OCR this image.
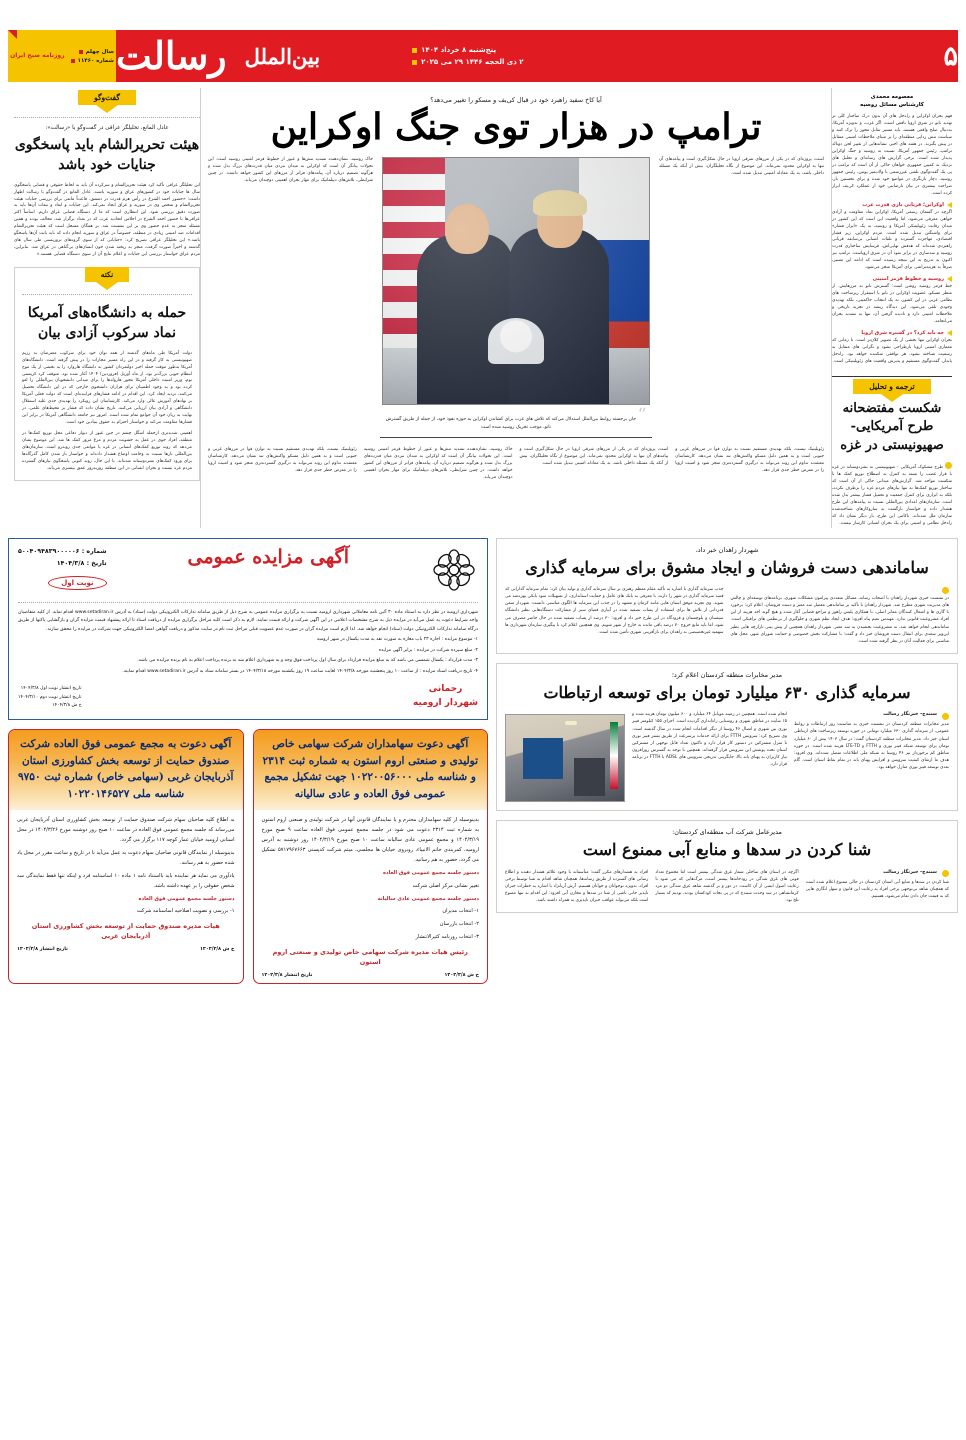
۵
پنج‌شنبه ۸ خرداد ۱۴۰۴
۲ ذی الحجه ۱۴۴۶ ۲۹ می ۲۰۲۵
بین‌الملل
رسالت
سال چهلم
شماره ۱۱۴۶۰
روزنامه صبح ایران
معصومه محمدی
کارشناس مسائل روسیه
فهم بحران اوکراین و راه‌حل های آن بدون درک ساختار کلی تر تهدید ناتو در شرق اروپا ناقص است، اگر غرب، و به‌ویژه آمریکا، به‌دنبال صلح واقعی هستند، باید مسیر تقابل محور را ترک کنند و سیاست تنش زدایی منطقه‌ای را بر مبنای ملاحظات امنیتی متقابل در پیش بگیرند. در هفته های اخیر، نشانه‌هایی از تغییر لحن دونالد ترامپ، رئیس جمهور آمریکا، نسبت به روسیه و جنگ اوکراین پدیدار شده است. برخی گزارش های رسانه‌ای و تحلیل های نزدیک به کمپین جمهوری خواهان حاکی از آن است که ترامپ در پی یک گفت‌وگوی تلفنی غیررسمی با ولادیمیر پوتین، رئیس جمهور روسیه، دچار بازنگری در مواضع خود شده و برای نخستین بار، صراحت بیشتری در بیان نارضایتی خود از عملکرد کی‌یف ابراز کرده است.
اوکراین؛ قربانی بازی قدرت غرب
اگرچه در گفتمان رسمی آمریکا، اوکراین نماد مقاومت و آزادی خواهی معرفی می‌شود، اما واقعیت این است که این کشور در میدان رقابت ژئوپلیتیکی آمریکا و روسیه، به یک «ابزار فشار» برای واشنگتن تبدیل شده است. مردم اوکراین، زیر فشار اقتصادی، مهاجرت گسترده و تلفات انسانی بی‌سابقه قربانی راهبردی شده‌اند که هدفش نهایی‌اش، فرسایش ساختاری قدرت روسیه و سدسازی در برابر نفوذ آن در شرق اروپاست. ترامپ نیز اکنون به تدریج به این نتیجه رسیده است که ادامه این مسیر، صرفاً به هزینه‌تراشی برای آمریکا منجر می‌شود.
روسیه و خطوط قرمز امنیتی
خط قرمز روسیه روشن است: گسترش ناتو به مرزهایش. از منظر مسکو، عضویت اوکراین در ناتو یا استقرار زیرساخت های نظامی غربی در این کشور، نه یک انتخاب حاکمیتی، بلکه تهدیدی وجودی تلقی می‌شود. این دیدگاه ریشه در تجربه تاریخی و ملاحظات امنیتی دارد و نادیده گرفتن آن، تنها به تشدید بحران می‌انجامد.
چه باید کرد؟ در گستره شرق اروپا
بحران اوکراین تنها بخشی از یک تصویر کلان‌تر است. تا زمانی که معماری امنیتی اروپا بازطراحی نشود و نگرانی های متقابل به رسمیت شناخته نشود، هر توافقی شکننده خواهد بود. راه‌حل پایدار، گفت‌وگوی مستقیم و پذیرش واقعیت های ژئوپلیتیکی است.
ترجمه و تحلیل
شکست مفتضحانه طرح آمریکایی-صهیونیستی در غزه
طرح مشکوک آمریکایی - صهیونیستی به بشردوستانه در غزه با قرار غضب را بسته به کنترل به اصطلاح توزیع کمک ها با شکست مواجه شد. گزارش‌های میدانی حاکی از آن است که ساختار توزیع کمک‌ها نه تنها نیازهای مردم غزه را برطرف نکرده، بلکه به ابزاری برای کنترل جمعیت و تحمیل فشار بیشتر بدل شده است. سازمان‌های امدادی بین‌المللی نسبت به پیامدهای این طرح هشدار داده و خواستار بازگشت به سازوکارهای شناخته‌شده سازمان ملل شده‌اند. ناکامی این طرح، بار دیگر نشان داد که راه‌حل نظامی و امنیتی برای یک بحران انسانی کارساز نیست.
آیا کاخ سفید راهبرد خود در قبال کی‌یف و مسکو را تغییر می‌دهد؟
ترامپ در هزار توی جنگ اوکراین
است، پروژه‌ای که در یکی از مرزهای شرقی اروپا در حال شکل‌گیری است و پیامدهای آن تنها به اوکراین محدود نمی‌ماند. این موضوع از نگاه تحلیلگران، بیش از آنکه یک مسئله داخلی باشد، به یک معادله امنیتی تبدیل شده است.
“ جان برجسته روابط بین‌الملل استدلال می‌کند که تلاش های غرب برای کشاندن اوکراین به حوزه نفوذ خود، از جمله از طریق گسترش ناتو، موجب تحریک روسیه شده است
خاک روسیه، نشان‌دهنده تشدید تنش‌ها و عبور از خطوط قرمز امنیتی روسیه است. این تحولات بیانگر آن است که اوکراین به میدان نبردی میان قدرت‌های بزرگ بدل شده و هرگونه تصمیم درباره آن، پیامدهای فراتر از مرزهای این کشور خواهد داشت. در چنین شرایطی، تلاش‌های دیپلماتیک برای مهار بحران اهمیتی دوچندان می‌یابد.
ژئوپلیتیک نیست، بلکه تهدیدی مستقیم نسبت به توازن قوا در مرزهای غربی و جنوبی است و به همین دلیل مسکو واکنش‌های تند نشان می‌دهد. کارشناسان معتقدند تداوم این روند می‌تواند به درگیری گسترده‌تری منجر شود و امنیت اروپا را در معرض خطر جدی قرار دهد.
است، پروژه‌ای که در یکی از مرزهای شرقی اروپا در حال شکل‌گیری است و پیامدهای آن تنها به اوکراین محدود نمی‌ماند. این موضوع از نگاه تحلیلگران، بیش از آنکه یک مسئله داخلی باشد، به یک معادله امنیتی تبدیل شده است.
خاک روسیه، نشان‌دهنده تشدید تنش‌ها و عبور از خطوط قرمز امنیتی روسیه است. این تحولات بیانگر آن است که اوکراین به میدان نبردی میان قدرت‌های بزرگ بدل شده و هرگونه تصمیم درباره آن، پیامدهای فراتر از مرزهای این کشور خواهد داشت. در چنین شرایطی، تلاش‌های دیپلماتیک برای مهار بحران اهمیتی دوچندان می‌یابد.
ژئوپلیتیک نیست، بلکه تهدیدی مستقیم نسبت به توازن قوا در مرزهای غربی و جنوبی است و به همین دلیل مسکو واکنش‌های تند نشان می‌دهد. کارشناسان معتقدند تداوم این روند می‌تواند به درگیری گسترده‌تری منجر شود و امنیت اروپا را در معرض خطر جدی قرار دهد.
گفت‌وگو
عادل المانع، تحلیلگر عراقی در گفت‌وگو با «رسالت»:
هیئت تحریرالشام باید پاسخگوی جنایات خود باشد
این تحلیلگر عراقی تأکید کرد هیئت تحریرالشام و سرکرده آن باید به لحاظ حقوقی و قضایی پاسخگوی سال ها جنایات خود در کشورهای عراق و سوریه باشند. عادل المانع در گفت‌وگو با رسالت اظهار داشت: «حضور احمد الشرع در رأس هرم قدرت در دمشق، قاعدتاً مانعی برای بررسی جنایات هیئت تحریرالشام و شخص وی در سوریه و عراق ایجاد نمی‌کند. این جنایات و ابعاد و تبعات آن‌ها باید به صورت دقیق بررسی شود. این انتظاری است که ما از دستگاه قضایی عراق داریم. اساساً اکثر عراقی‌ها با حضور احمد الشرع در اجلاس اتحادیه عرب که در بغداد برگزار شد، مخالف بودند و همین مسئله منجر به عدم حضور وی بر این نشست شد. بر همگان مسجل است که هیئت تحریرالشام اقدامات ضد امنیتی زیادی در منطقه، خصوصاً در عراق و سوریه انجام داده که باید بابت آن‌ها پاسخگو باشد.» این تحلیلگر عراقی تصریح کرد: «جنایاتی که از سوی گروه‌های تروریستی طی سال های گذشته و اخیراً صورت گرفت، منجر به ریخته شدن خون انسان‌های بی‌گناهی در عراق شد. بنابراین، مردم عراق خواستار بررسی این جنایات و اعلام نتایج آن از سوی دستگاه قضایی هستند.»
نکته
حمله به دانشگاه‌های آمریکا نماد سرکوب آزادی بیان
دولت آمریکا طی ماه‌های گذشته از همه توان خود برای سرکوب معترضان به رژیم صهیونیستی به کار گرفته و در این راه مسیر مجازات را در پیش گرفته است. دانشگاه‌های آمریکا به‌طور موقت حمله اخیر دولتمردان کشور به دانشگاه هاروارد را به بخشی از یک موج انتظام جویی بزرگ‌تر بود، از ماه آوریل (فروردین) ۱۴۰۴ آغاز شده بود. متوقف کرد کریستی نوم، وزیر امنیت داخلی آمریکا محور هارولدها را برای میدانی دانشجویان بین‌المللی را لغو کرده بود و به وجود اطمینان برای هزاران دانشجوی خارجی که در این دانشگاه تحصیل می‌کنند، تردید ایجاد کرد. این اقدام در ادامه فشارهای فزاینده‌ای است که دولت فعلی آمریکا بر نهادهای آموزش عالی وارد می‌کند. کارشناسان این رویکرد را تهدیدی جدی علیه استقلال دانشگاهی و آزادی بیان ارزیابی می‌کنند. تاریخ نشان داده که فشار بر محیط‌های علمی، در نهایت به زیان خود آن جوامع تمام شده است. امروز نیز جامعه دانشگاهی آمریکا در برابر این فشارها مقاومت می‌کند و خواستار احترام به حقوق بنیادین خود است.
اهمیتی شدیدتری ازجمله اسگل چشم در حین عبور از دیوار دفاعی محل توزیع کمک‌ها در منطقه، افراد جوی در عمل به خشونت مردم و مرغ مرور کمک ها شد. این موضوع نشان می‌دهد که روند توزیع کمک‌های انسانی در غزه با موانعی جدی روبه‌رو است. سازمان‌های بین‌المللی بارها نسبت به وخامت اوضاع هشدار داده‌اند و خواستار باز شدن کامل گذرگاه‌ها برای ورود کمک‌های بشردوستانه شده‌اند. با این حال، روند کنونی پاسخگوی نیازهای گسترده مردم غزه نیست و بحران انسانی در این منطقه روزبه‌روز عمق بیشتری می‌یابد.
شهردار زاهدان خبر داد،
ساماندهی دست فروشان و ایجاد مشوق برای سرمایه گذاری
در نشست خبری شهردار زاهدان با اصحاب رسانه، مسائل متعددی پیرامون مشکلات شهری، برنامه‌های توسعه‌ای و چالش های مدیریت شهری مطرح شد. شهردار زاهدان با تأکید بر ساماندهی معضل سد معبر و دست فروشان، اعلام کرد: برخورد با گاری ها و اشغال کنندگان معابر اصلی، با همکاری پلیس راهور و مراجع قضایی آغاز شده و هیچ گونه اخذ هزینه از این افراد مشروعیت قانونی ندارد. مهندس نعیم پناه افزود: هدف ایجاد نظم شهری و جلوگیری از بی‌نظمی های ترافیکی است. ساماندهی انجام خواهد شد، نه مشروعیت بخشیدن به سد معبر. شهردار زاهدان همچنین از پیش بینی بازارچه هایی نظیر این‌ویر سعدی برای انتقال دست فروشان خبر داد و گفت: با مشارکت بخش خصوصی و حمایت شورای شهر، محل های مناسبی برای فعالیت آنان در نظر گرفته شده است.
جذب سرمایه گذاری با اشاره به تأکید مقام معظم رهبری بر سال سرمایه گذاری و تولید بیان کرد: تمام سرمایه گذارانی که قصد سرمایه گذاری در شهر را دارند، با معرفی به بانک های عامل و حمایت استانداری، از تسهیلات سود بانکی بهره‌مند می شوند. وی تجربه موفق استان هایی مانند کرمان و مشهد را در جذب این سرمایه ها الگوی مناسبی دانست. شهردار ضمن قدردانی از تلاش ها برای استفاده از پساب تصفیه شده در آبیاری فضای سبز از مشارکت دستگاه‌هایی نظیر دانشگاه سیستان و بلوچستان و فرودگاه در این طرح خبر داد و افزود: ۳۰ درصد از پساب تصفیه شده در حال حاضر مصرف می شود، اما باید مانع خروج ۷۰ درصد باقی مانده به خارج از شهر شویم. وی همچنین اعلام کرد با پیگیری سازمان شهرداری ها سهمیه غیرتخصیصی به راهدان برای بازآفرینی شهری تأمین شده است.
مدیر مخابرات منطقه کردستان اعلام کرد؛
سرمایه گذاری ۶۳۰ میلیارد تومان برای توسعه ارتباطات
سنندج- خبرنگار رسالت
مدیر مخابرات منطقه کردستان در نشست خبری به مناسبت روز ارتباطات و روابط عمومی، از سرمایه گذاری ۶۳۰ میلیارد تومانی در حوزه توسعه زیرساخت های ارتباطی استان خبر داد. مدیر مخابرات منطقه کردستان گفت: در سال ۱۴۰۳ بیش از ۶۰ میلیارد تومان برای توسعه شبکه فیبر نوری و FTTH و LTE-TD هزینه شده است. در حوزه مناطق کم برخوردار نیز ۴۶ روستا به شبکه ملی اطلاعات متصل شده‌اند. وی افزود: هدف ما ارتقای کیفیت سرویس و افزایش پهنای باند در تمام نقاط استان است. گام بعدی توسعه فیبر نوری منازل خواهد بود.
انجام شده است. همچنین در زمینه موبایل ۶۴ میلیارد و ۶۰۰ میلیون تومان هزینه شده و ۱۵ سایت در مناطق شهری و روستایی راه‌اندازی گردیده است. اجرای ۱۵۵ کیلومتر فیبر نوری بین شهری و اتصال ۴۶ روستا از دیگر اقدامات انجام شده در سال گذشته است. وی تصریح کرد: سرویس FTTH برای ارائه خدمات پرسرعت از طریق بستر فیبر نوری تا منزل مشترکین در دستور کار قرار دارد و تاکنون تعداد قابل توجهی از مشترکین استان تحت پوشش این سرویس قرار گرفته‌اند. همچنین با توجه به گسترش روزافزون نیاز کاربران به پهنای باند بالا، جایگزینی تدریجی سرویس های ADSL با FTTH در برنامه قرار دارد.
مدیرعامل شرکت آب منطقه‌ای کردستان:
شنا کردن در سدها و منابع آبی ممنوع است
سنندج- خبرنگار رسالت
شنا کردن در سدها و منابع آبی استان کردستان در حالی ممنوع اعلام شده است که همچنان شاهد بی‌توجهی برخی افراد به رعایت این قانون و سهل انگاری هایی که به قیمت جان دادن تمام می‌شود، هستیم.
اگرچه در استان های ساحلی شمار غرق شدگی بیشتر است اما مجموع تعداد فوتی های غرق شدگی در رودخانه‌ها بیشتر است، مرگ‌هایی که می شود با رعایت اصول ایمنی از آن کاست. در دور و بر گذشته شاهد غرق شدگی دو مرد کرمانشاهی در سد وحدت سنندج که در پی نجات کودکشان بودند، بودیم که بسیار تلخ بود.
افراد به هشدارهای مکرر گفت: متأسفانه با وجود علائم هشدار دهنده و اطلاع رسانی های گسترده از طریق رسانه‌ها، همچنان شاهد اقدام به شنا توسط برخی افراد، به‌ویژه نوجوانان و جوانان هستیم. آرش آریانژاد با اشاره به خطرات جبران ناپذیر جانی ناشی از شنا در سدها و مخازن آبی افزود: این اقدام نه تنها ممنوع است بلکه می‌تواند عواقب جبران ناپذیری به همراه داشته باشد.
آگهی مزایده عمومی
شماره : ۵۰۰۴۰۹۴۸۳۹۰۰۰۰۰۶
تاریخ : ۱۴۰۴/۳/۸
نوبت اول

شهرداری ارومیه در نظر دارد به استناد ماده ۳۰ آئین نامه معاملاتی شهرداری ارومیه نسبت به برگزاری مزایده عمومی به شرح ذیل از طریق سامانه تدارکات الکترونیکی دولت (ستاد) به آدرس www.setadiran.ir اقدام نماید. از کلیه متقاضیان واجد شرایط دعوت به عمل می‌آید در مزایده ذیل به شرح مشخصات اعلامی در این آگهی شرکت و ارائه قیمت نمایند. لازم به ذکر است کلیه مراحل برگزاری مزایده از دریافت اسناد تا ارائه پیشنهاد قیمت مزایده گران و بازگشایی پاکتها از طریق درگاه سامانه تدارکات الکترونیکی دولت (ستاد) انجام خواهد شد. لذا لازم است مزایده گران در صورت عدم عضویت قبلی مراحل ثبت نام در سایت مذکور و دریافت گواهی امضا الکترونیکی جهت شرکت در مزایده را محقق سازند.

۱- موضوع مزایده : اجاره ۲۳ باب مغازه به صورت نقد به مدت یکسال در شهر ارومیه

۲- مبلغ سپرده شرکت در مزایده : برابر آگهی مزایده

۳- مدت قرارداد : یکسال شمسی می باشد که به مبلغ مزایده قرارداد برای سال اول پرداخت فوق وجه و به شهرداری اعلام شد به برنده پرداخت اعلام به نام برنده مزایده می باشد.

۴- تاریخ دریافت اسناد مزایده : از ساعت ۱۰ روز پنجشنبه مورخه ۱۴۰۴/۳/۸ لغایت ساعت ۱۹ روز یکشنبه مورخه ۱۴۰۴/۳/۱۸ در بستر سامانه ستاد به آدرس www.setadiran.ir اقدام نمایند.

رحمانی
شهردار ارومیه
تاریخ انتشار نوبت اول ۱۴۰۴/۳/۸
تاریخ انتشار نوبت دوم ۱۴۰۴/۳/۱۰
خ ش ۱۴۰۴/۳/۸
آگهی دعوت سهامداران شرکت سهامی خاص تولیدی و صنعتی اروم استون به شماره ثبت ۲۳۱۴ و شناسه ملی ۱۰۲۲۰۰۵۶۰۰۰ جهت تشکیل مجمع عمومی فوق العاده و عادی سالیانه

بدینوسیله از کلیه سهامداران محترم و یا نمایندگان قانونی آنها در شرکت تولیدی و صنعتی اروم استون به شماره ثبت ۲۳۱۴ دعوت می شود در جلسه مجمع عمومی فوق العاده ساعت ۹ صبح مورخ ۱۴۰۴/۳/۱۹ و مجمع عمومی عادی سالیانه ساعت ۱۰ صبح مورخ ۱۴۰۴/۳/۱۹ روز دوشنبه به آدرس ارومیه، کمربندی خاتم الانبیاء، روبروی خیابان ها مجلسی، میثم شرکت کدپستی ۵۷۱۷۹۶۷۶۶۳ تشکیل می گردد، حضور به هم رسانید.

دستور جلسه مجمع عمومی فوق العاده

تغییر نشانی مرکز اصلی شرکت

دستور جلسه مجمع عمومی عادی سالیانه

۱- انتخاب مدیران

۲- انتخاب بازرسان

۳- انتخاب روزنامه کثیرالانتشار

رئیس هیات مدیره شرکت سهامی خاص تولیدی و صنعتی اروم استون
خ ش ۱۴۰۴/۳/۸
تاریخ انتشار ۱۴۰۴/۳/۸
آگهی دعوت به مجمع عمومی فوق العاده شرکت صندوق حمایت از توسعه بخش کشاورزی استان آذربایجان غربی (سهامی خاص) شماره ثبت ۹۷۵۰ شناسه ملی ۱۰۲۲۰۱۴۶۵۲۷

به اطلاع کلیه صاحبان سهام شرکت صندوق حمایت از توسعه بخش کشاورزی استان آذربایجان غربی می‌رساند که جلسه مجمع عمومی فوق العاده در ساعت ۱۰ صبح روز دوشنبه مورخ ۱۴۰۴/۳/۲۶ در محل استانی ارومیه خیابان عمار کوچه ۱۱۷ برگزار می گردد.

بدینوسیله از نمایندگان قانونی صاحبان سهام دعوت به عمل می‌آید تا در تاریخ و ساعت مقرر در محل یاد شده حضور به هم رسانند.

یادآوری می نماید هر نماینده باید بااستناد نامه ۱ ماده ۱۰ اساسنامه فرد و اینکه تنها فقط نمایندگی سه شخص حقوقی را بر عهده داشته باشد.

دستور جلسه مجمع عمومی فوق العاده

۱- بررسی و تصویب اصلاحیه اساسنامه شرکت

هیات مدیره صندوق حمایت از توسعه بخش کشاورزی استان آذربایجان غربی
خ ش ۱۴۰۴/۳/۸
تاریخ انتشار ۱۴۰۴/۳/۸
